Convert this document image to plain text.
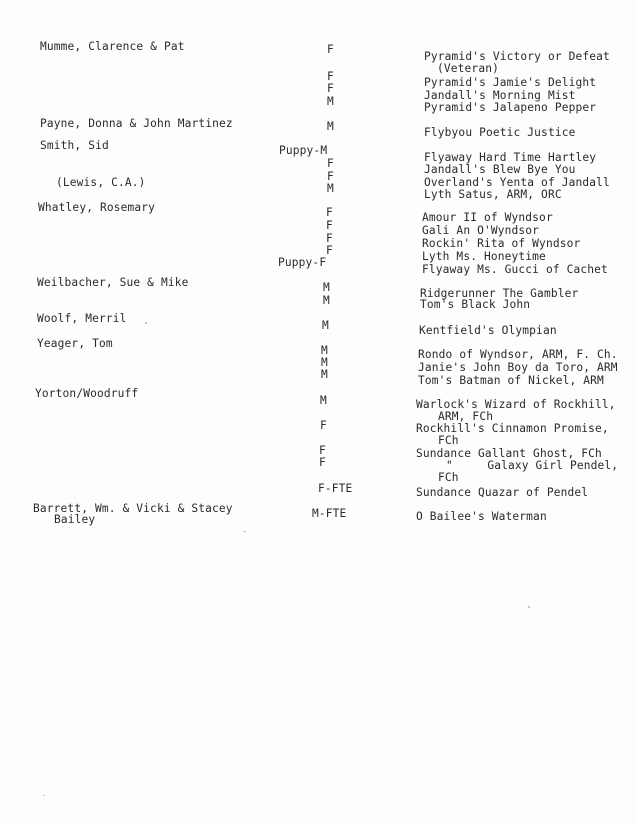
Mumme, Clarence & Pat
Payne, Donna & John Martinez
Smith, Sid
(Lewis, C.A.)
Whatley, Rosemary
Weilbacher, Sue & Mike
Woolf, Merril
Yeager, Tom
Yorton/Woodruff
Barrett, Wm. & Vicki & Stacey
Bailey
F
F
F
M
M
Puppy-M
F
F
M
F
F
F
F
Puppy-F
M
M
M
M
M
M
M
F
F
F
F-FTE
M-FTE
Pyramid's Victory or Defeat
(Veteran)
Pyramid's Jamie's Delight
Jandall's Morning Mist
Pyramid's Jalapeno Pepper
Flybyou Poetic Justice
Flyaway Hard Time Hartley
Jandall's Blew Bye You
Overland's Yenta of Jandall
Lyth Satus, ARM, ORC
Amour II of Wyndsor
Gali An O'Wyndsor
Rockin' Rita of Wyndsor
Lyth Ms. Honeytime
Flyaway Ms. Gucci of Cachet
Ridgerunner The Gambler
Tom's Black John
Kentfield's Olympian
Rondo of Wyndsor, ARM, F. Ch.
Janie's John Boy da Toro, ARM
Tom's Batman of Nickel, ARM
Warlock's Wizard of Rockhill,
ARM, FCh
Rockhill's Cinnamon Promise,
FCh
Sundance Gallant Ghost, FCh
"     Galaxy Girl Pendel,
FCh
Sundance Quazar of Pendel
O Bailee's Waterman
